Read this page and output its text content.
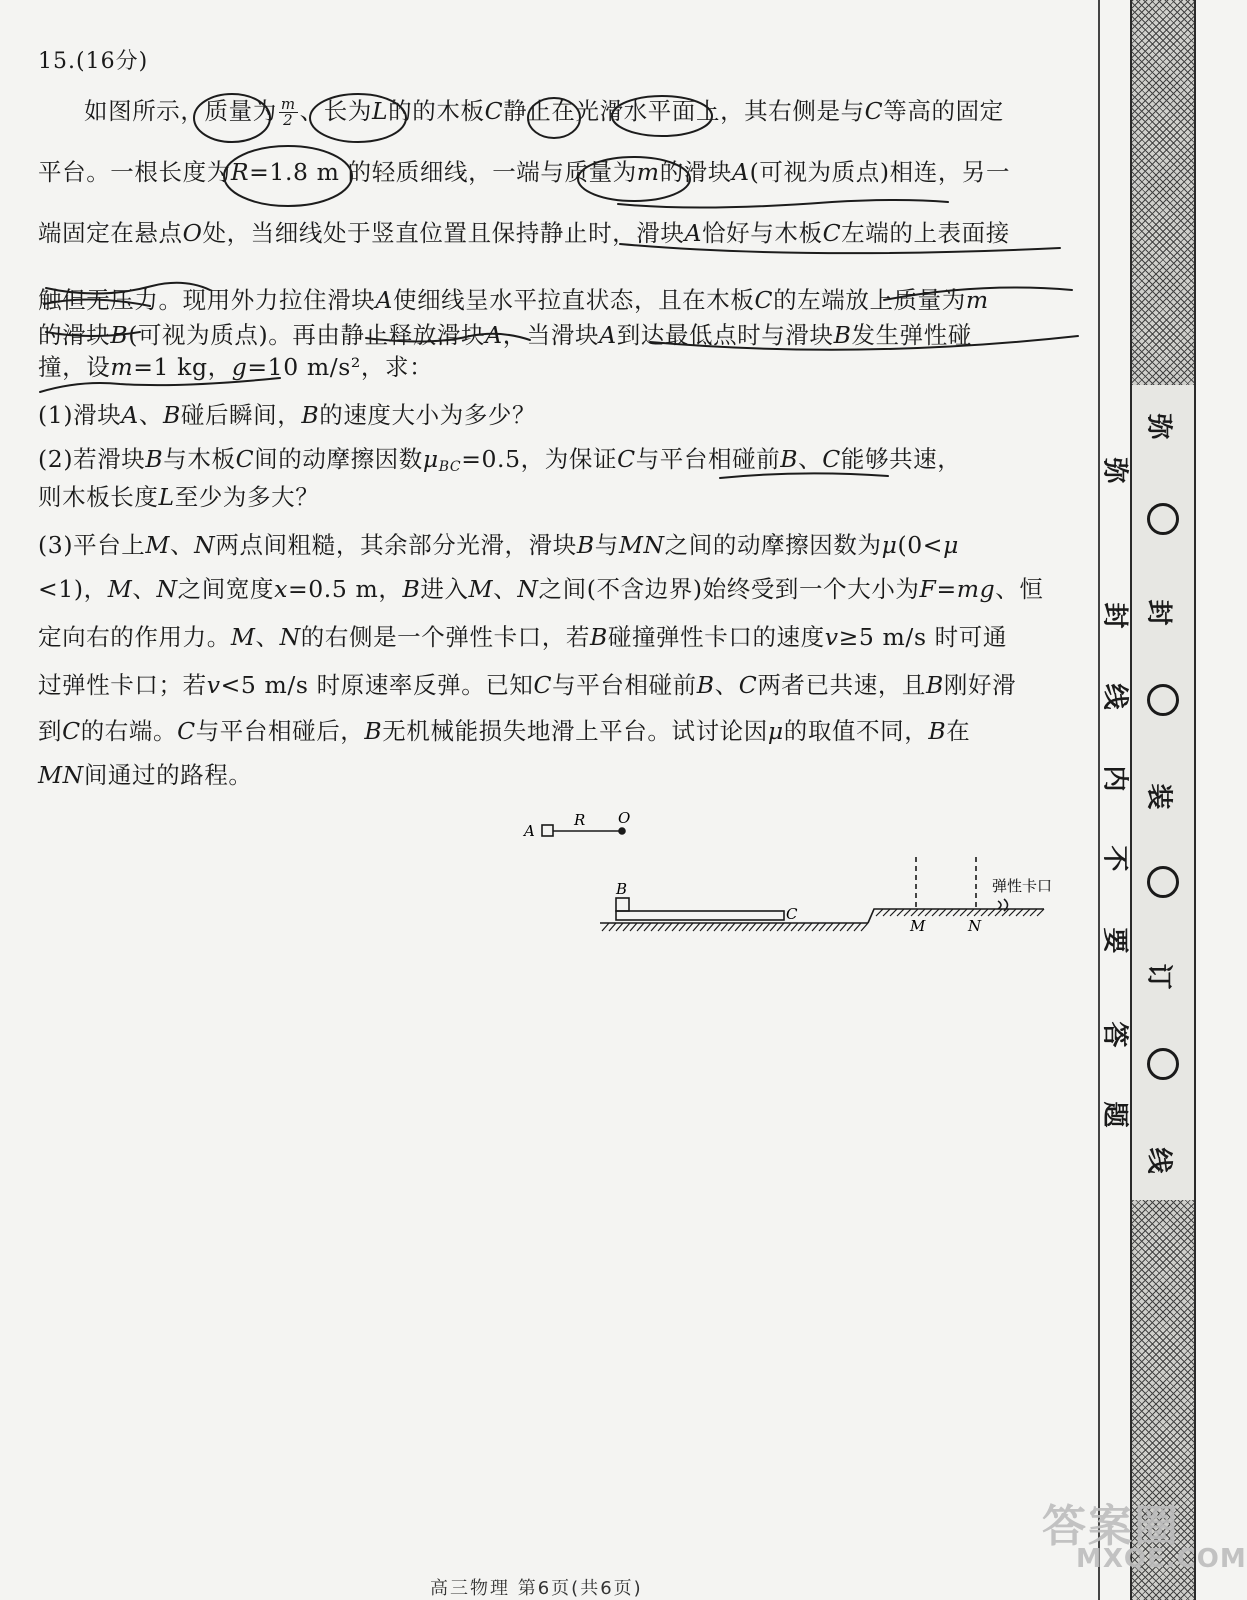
15.(16分)
如图所示，质量为 $\frac{m}{2}$ 、长为L的的木板C静止在光滑水平面上，其右侧是与C等高的固定
平台。一根长度为R=1.8 m 的轻质细线，一端与质量为m的滑块A(可视为质点)相连，另一
端固定在悬点O处，当细线处于竖直位置且保持静止时，滑块A恰好与木板C左端的上表面接
触但无压力。现用外力拉住滑块A使细线呈水平拉直状态，且在木板C的左端放上质量为m
的滑块B(可视为质点)。再由静止释放滑块A，当滑块A到达最低点时与滑块B发生弹性碰
撞，设m=1 kg，g=10 m/s²，求：
(1)滑块A、B碰后瞬间，B的速度大小为多少？
(2)若滑块B与木板C间的动摩擦因数$\mu_{BC}=0.5$，为保证C与平台相碰前B、C能够共速，
则木板长度L至少为多大？
(3)平台上M、N两点间粗糙，其余部分光滑，滑块B与MN之间的动摩擦因数为μ(0<μ
<1)，M、N之间宽度x=0.5 m，B进入M、N之间(不含边界)始终受到一个大小为F=mg、恒
定向右的作用力。M、N的右侧是一个弹性卡口，若B碰撞弹性卡口的速度v≥5 m/s 时可通
过弹性卡口；若v<5 m/s 时原速率反弹。已知C与平台相碰前B、C两者已共速，且B刚好滑
到C的右端。C与平台相碰后，B无机械能损失地滑上平台。试讨论因μ的取值不同，B在
MN间通过的路程。
A
R O
B
C
M	N
弹性卡口
弥
封
线
内
不
要
答
题
弥
封
装
订
线
答案圈
MXQE.COM
高三物理 第6页(共6页)
